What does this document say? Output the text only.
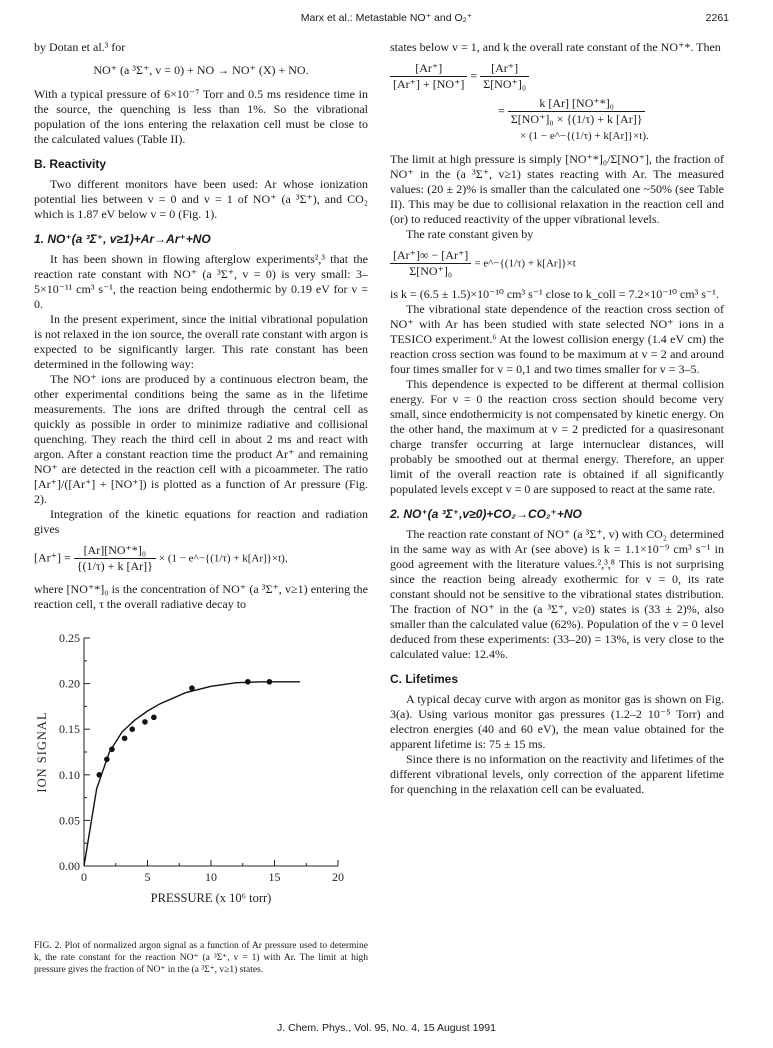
Marx et al.: Metastable NO⁺ and O₂⁺	2261

by Dotan et al.³ for

NO⁺ (a ³Σ⁺, v = 0) + NO → NO⁺ (X) + NO.

With a typical pressure of 6×10⁻⁷ Torr and 0.5 ms residence time in the source, the quenching is less than 1%. So the vibrational population of the ions entering the relaxation cell must be close to the calculated values (Table II).

B. Reactivity

Two different monitors have been used: Ar whose ionization potential lies between v = 0 and v = 1 of NO⁺ (a ³Σ⁺), and CO₂ which is 1.87 eV below v = 0 (Fig. 1).

1. NO⁺(a ³Σ⁺, v≥1)+Ar→Ar⁺+NO

It has been shown in flowing afterglow experiments²,³ that the reaction rate constant with NO⁺ (a ³Σ⁺, v = 0) is very small: 3–5×10⁻¹¹ cm³ s⁻¹, the reaction being endothermic by 0.19 eV for v = 0.

In the present experiment, since the initial vibrational population is not relaxed in the ion source, the overall rate constant with argon is expected to be significantly larger. This rate constant has been determined in the following way:

The NO⁺ ions are produced by a continuous electron beam, the other experimental conditions being the same as in the lifetime measurements. The ions are drifted through the central cell as quickly as possible in order to minimize radiative and collisional quenching. They reach the third cell in about 2 ms and react with argon. After a constant reaction time the product Ar⁺ and remaining NO⁺ are detected in the reaction cell with a picoammeter. The ratio [Ar⁺]/([Ar⁺] + [NO⁺]) is plotted as a function of Ar pressure (Fig. 2).

Integration of the kinetic equations for reaction and radiation gives

$[Ar^+] = \frac{\text{[Ar][NO⁺*]₀}}{\{(1/\tau) + k [Ar]\}} \times (1$ − e^−{(1/τ) + k[Ar]}×t),

where [NO⁺*]₀ is the concentration of NO⁺ (a ³Σ⁺, v≥1) entering the reaction cell, τ the overall radiative decay to

0.00
0.05
0.10
0.15
0.20
0.25
0	5	10	15	20
PRESSURE (x 10⁶ torr)
ION SIGNAL
FIG. 2. Plot of normalized argon signal as a function of Ar pressure used to determine k, the rate constant for the reaction NO⁺ (a ³Σ⁺, v = 1) with Ar. The limit at high pressure gives the fraction of NO⁺ in the (a ³Σ⁺, v≥1) states.

states below v = 1, and k the overall rate constant of the NO⁺*. Then

$\frac{[Ar^+]}{[Ar^+] + [NO^+]} = \frac{[Ar^+]}{\text{Σ[NO⁺]₀}}$
= $\frac{\text{k [Ar] [NO⁺*]₀}}{\text{Σ[NO⁺]₀ × \{(1/τ) + k [Ar]\}}}$
× (1 − e^−{(1/τ) + k[Ar]}×t).

The limit at high pressure is simply [NO⁺*]₀/Σ[NO⁺], the fraction of NO⁺ in the (a ³Σ⁺, v≥1) states reacting with Ar. The measured values: (20 ± 2)% is smaller than the calculated one ~50% (see Table II). This may be due to collisional relaxation in the reaction cell and (or) to reduced reactivity of the upper vibrational levels.

The rate constant given by

$\frac{[Ar^+]\infty - [Ar^+]}{\text{Σ[NO⁺]₀}}$ = e^−{(1/τ) + k[Ar]}×t

is k = (6.5 ± 1.5)×10⁻¹⁰ cm³ s⁻¹ close to k_coll = 7.2×10⁻¹⁰ cm³ s⁻¹.

The vibrational state dependence of the reaction cross section of NO⁺ with Ar has been studied with state selected NO⁺ ions in a TESICO experiment.⁶ At the lowest collision energy (1.4 eV cm) the reaction cross section was found to be maximum at v = 2 and around four times smaller for v = 0,1 and two times smaller for v = 3–5.

This dependence is expected to be different at thermal collision energy. For v = 0 the reaction cross section should become very small, since endothermicity is not compensated by kinetic energy. On the other hand, the maximum at v = 2 predicted for a quasiresonant charge transfer occurring at large internuclear distances, will probably be smoothed out at thermal energy. Therefore, an upper limit of the overall reaction rate is obtained if all significantly populated levels except v = 0 are supposed to react at the same rate.

2. NO⁺(a ³Σ⁺,v≥0)+CO₂→CO₂⁺+NO

The reaction rate constant of NO⁺ (a ³Σ⁺, v) with CO₂ determined in the same way as with Ar (see above) is k = 1.1×10⁻⁹ cm³ s⁻¹ in good agreement with the literature values.²,³,⁸ This is not surprising since the reaction being already exothermic for v = 0, its rate constant should not be sensitive to the vibrational states distribution. The fraction of NO⁺ in the (a ³Σ⁺, v≥0) states is (33 ± 2)%, also smaller than the calculated value (62%). Population of the v = 0 level deduced from these experiments: (33–20) = 13%, is very close to the calculated value: 12.4%.

C. Lifetimes

A typical decay curve with argon as monitor gas is shown on Fig. 3(a). Using various monitor gas pressures (1.2–2 10⁻⁵ Torr) and electron energies (40 and 60 eV), the mean value obtained for the apparent lifetime is: 75 ± 15 ms.

Since there is no information on the reactivity and lifetimes of the different vibrational levels, only correction of the apparent lifetime for quenching in the relaxation cell can be evaluated.

J. Chem. Phys., Vol. 95, No. 4, 15 August 1991
